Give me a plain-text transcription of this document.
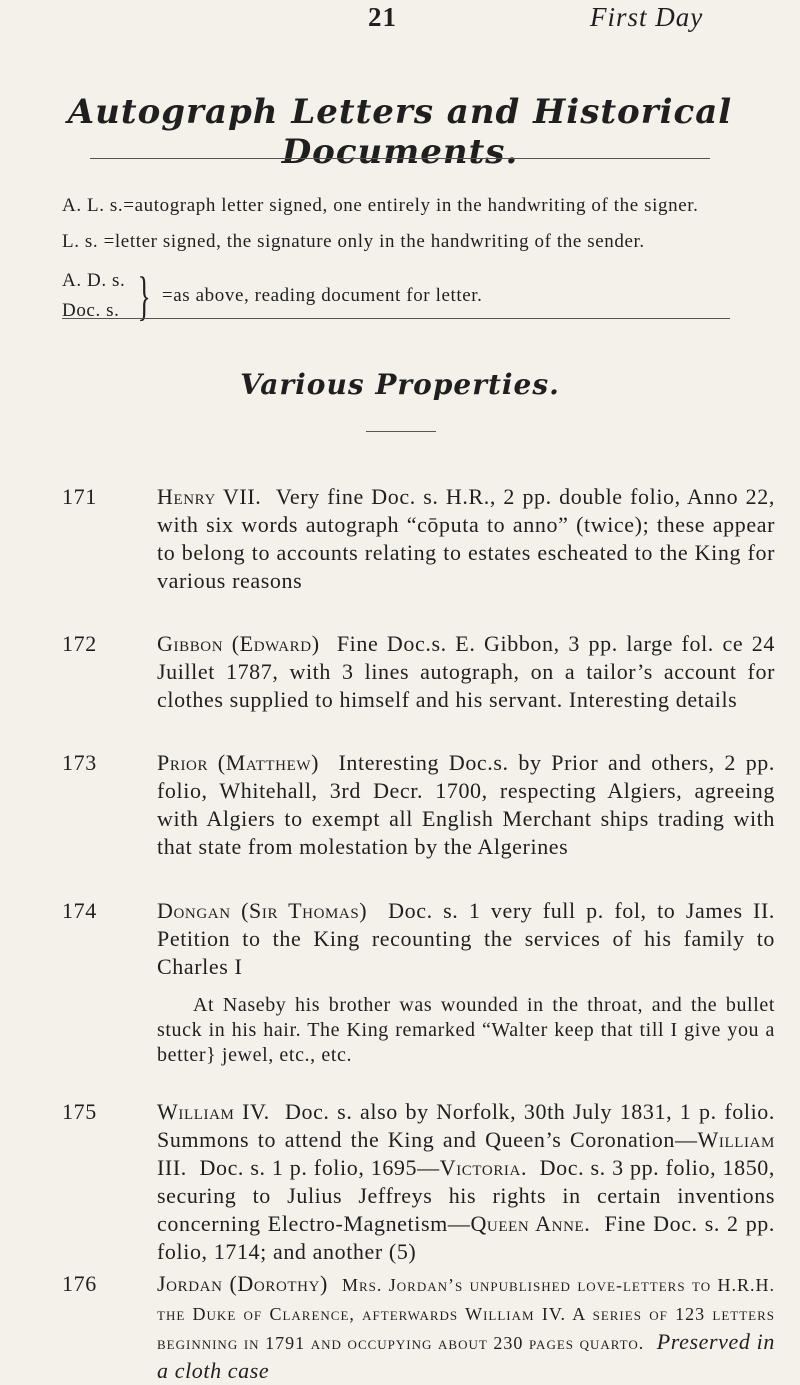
21	First Day
Autograph Letters and Historical Documents.
A. L. s.=autograph letter signed, one entirely in the handwriting of the signer.
L. s. =letter signed, the signature only in the handwriting of the sender.
A. D. s.
Doc. s. } =as above, reading document for letter.
Various Properties.
171	Henry VII. Very fine Doc. s. H.R., 2 pp. double folio, Anno 22, with six words autograph “cōputa to anno” (twice); these appear to belong to accounts relating to estates escheated to the King for various reasons

172	Gibbon (Edward) Fine Doc.s. E. Gibbon, 3 pp. large fol. ce 24 Juillet 1787, with 3 lines autograph, on a tailor’s account for clothes supplied to himself and his servant. Interesting details

173	Prior (Matthew) Interesting Doc.s. by Prior and others, 2 pp. folio, Whitehall, 3rd Decr. 1700, respecting Algiers, agreeing with Algiers to exempt all English Merchant ships trading with that state from molestation by the Algerines

174	Dongan (Sir Thomas) Doc. s. 1 very full p. fol, to James II. Petition to the King recounting the services of his family to Charles I

At Naseby his brother was wounded in the throat, and the bullet stuck in his hair. The King remarked “Walter keep that till I give you a better} jewel, etc., etc.

175	William IV. Doc. s. also by Norfolk, 30th July 1831, 1 p. folio. Summons to attend the King and Queen’s Coronation—William III. Doc. s. 1 p. folio, 1695—Victoria. Doc. s. 3 pp. folio, 1850, securing to Julius Jeffreys his rights in certain inventions concerning Electro-Magnetism—Queen Anne. Fine Doc. s. 2 pp. folio, 1714; and another (5)

176	Jordan (Dorothy) Mrs. Jordan’s unpublished love-letters to H.R.H. the Duke of Clarence, afterwards William IV. A series of 123 letters beginning in 1791 and occupying about 230 pages quarto. Preserved in a cloth case
